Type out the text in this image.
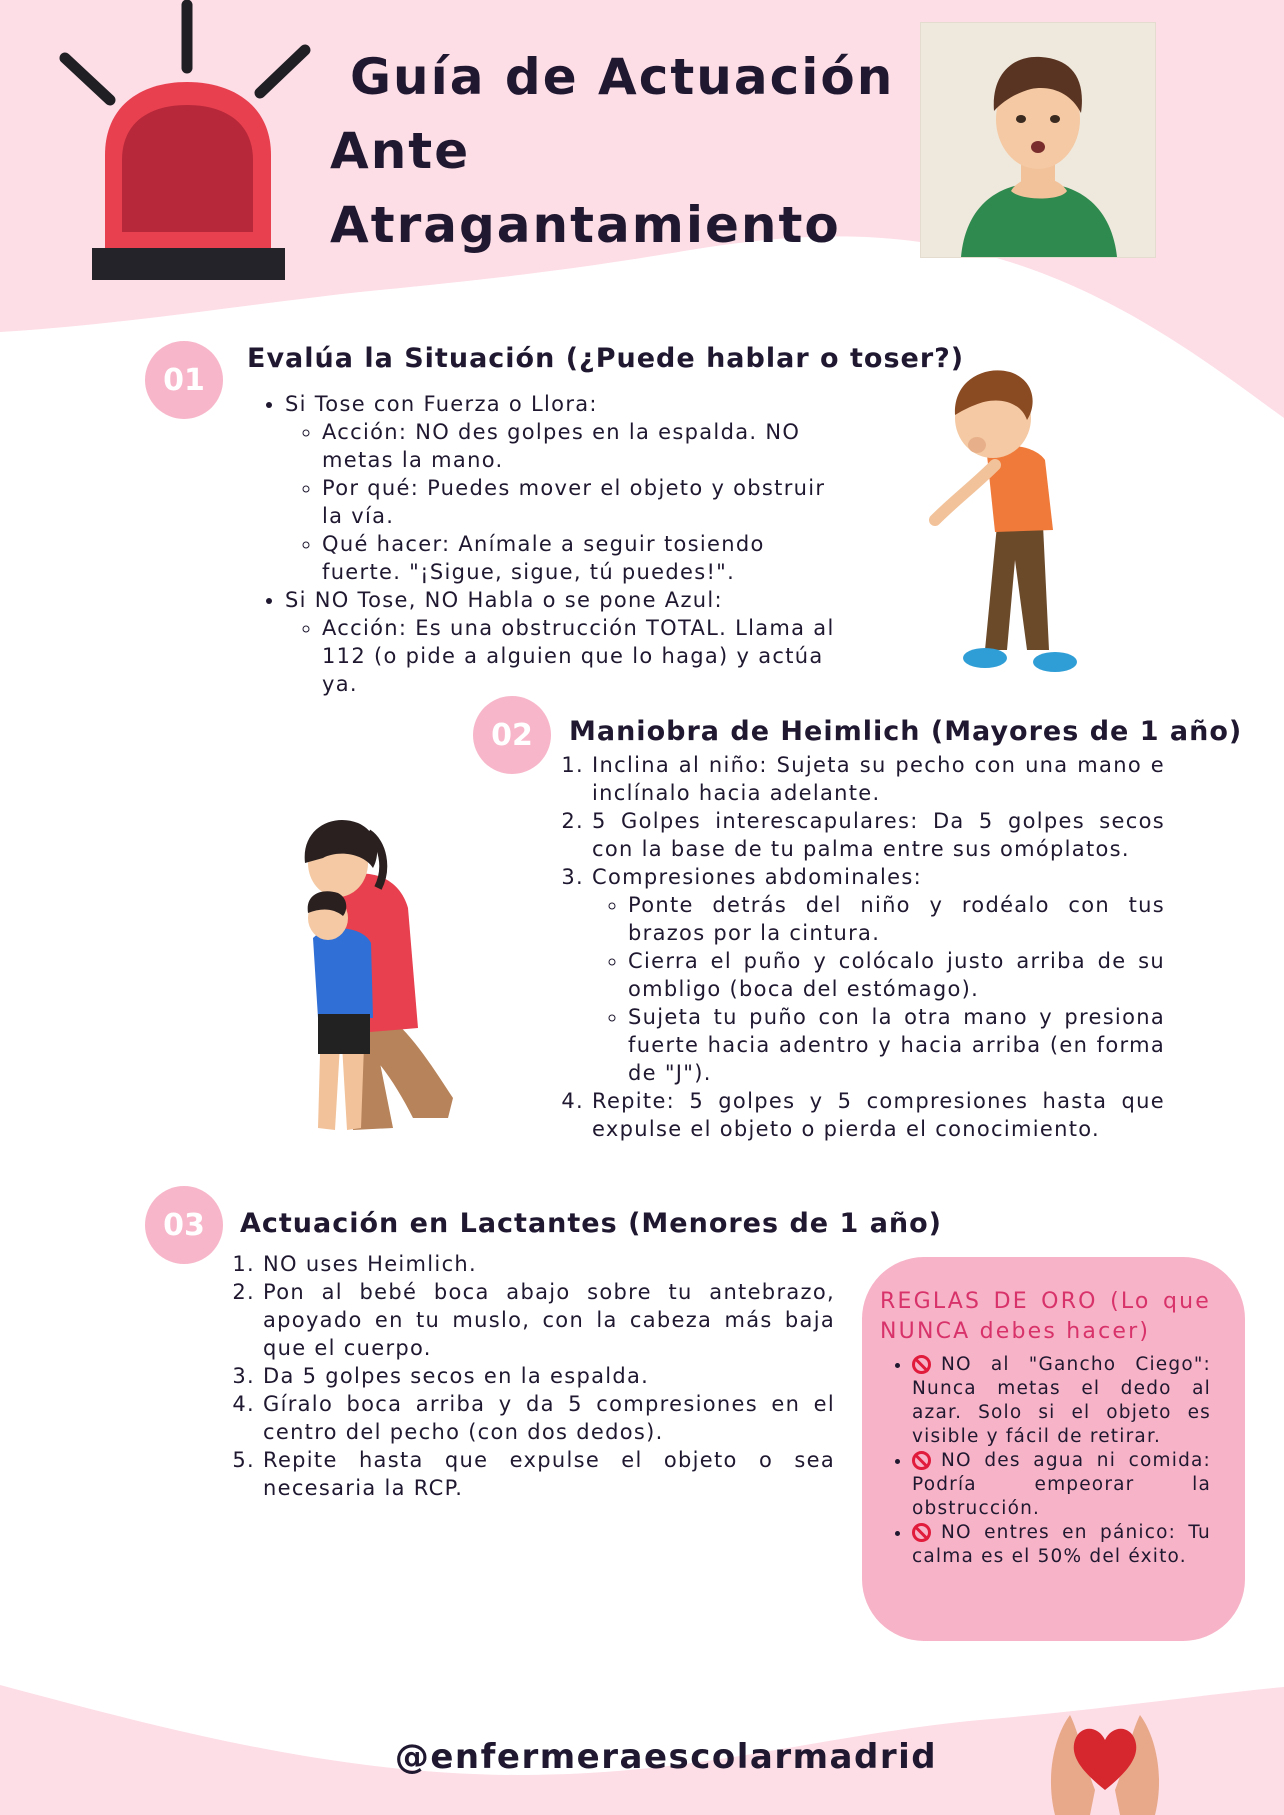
Guía de Actuación
Ante
Atragantamiento
01
Evalúa la Situación (¿Puede hablar o toser?)
• Si Tose con Fuerza o Llora:
◦ Acción: NO des golpes en la espalda. NO metas la mano.
◦ Por qué: Puedes mover el objeto y obstruir la vía.
◦ Qué hacer: Anímale a seguir tosiendo fuerte. "¡Sigue, sigue, tú puedes!".
• Si NO Tose, NO Habla o se pone Azul:
◦ Acción: Es una obstrucción TOTAL. Llama al 112 (o pide a alguien que lo haga) y actúa ya.
02	Maniobra de Heimlich (Mayores de 1 año)
1. Inclina al niño: Sujeta su pecho con una mano e inclínalo hacia adelante.
2. 5 Golpes interescapulares: Da 5 golpes secos con la base de tu palma entre sus omóplatos.
3. Compresiones abdominales:
◦ Ponte detrás del niño y rodéalo con tus brazos por la cintura.
◦ Cierra el puño y colócalo justo arriba de su ombligo (boca del estómago).
◦ Sujeta tu puño con la otra mano y presiona fuerte hacia adentro y hacia arriba (en forma de "J").
4. Repite: 5 golpes y 5 compresiones hasta que expulse el objeto o pierda el conocimiento.
03	Actuación en Lactantes (Menores de 1 año)
1. NO uses Heimlich.
2. Pon al bebé boca abajo sobre tu antebrazo, apoyado en tu muslo, con la cabeza más baja que el cuerpo.
3. Da 5 golpes secos en la espalda.
4. Gíralo boca arriba y da 5 compresiones en el centro del pecho (con dos dedos).
5. Repite hasta que expulse el objeto o sea necesaria la RCP.
REGLAS DE ORO (Lo que NUNCA debes hacer)
• NO al "Gancho Ciego": Nunca metas el dedo al azar. Solo si el objeto es visible y fácil de retirar.
• NO des agua ni comida: Podría empeorar la obstrucción.
• NO entres en pánico: Tu calma es el 50% del éxito.
@enfermeraescolarmadrid
